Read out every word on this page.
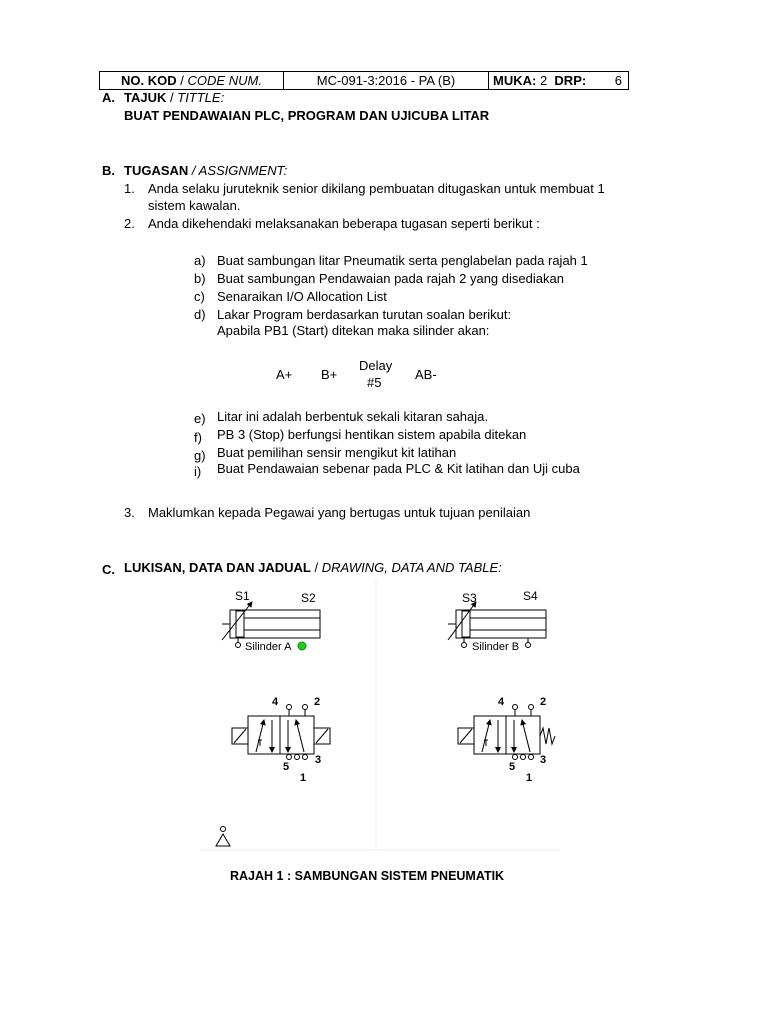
NO. KOD / CODE NUM.	MC-091-3:2016 - PA (B)	MUKA: 2 DRP: 6
A. TAJUK / TITTLE:
BUAT PENDAWAIAN PLC, PROGRAM DAN UJICUBA LITAR
B. TUGASAN / ASSIGNMENT:
1. Anda selaku juruteknik senior dikilang pembuatan ditugaskan untuk membuat 1
sistem kawalan.
2. Anda dikehendaki melaksanakan beberapa tugasan seperti berikut :
a) Buat sambungan litar Pneumatik serta penglabelan pada rajah 1
b) Buat sambungan Pendawaian pada rajah 2 yang disediakan
c) Senaraikan I/O Allocation List
d) Lakar Program berdasarkan turutan soalan berikut:
Apabila PB1 (Start) ditekan maka silinder akan:
A+ B+
Delay
#5
AB-
e) Litar ini adalah berbentuk sekali kitaran sahaja.
f) PB 3 (Stop) berfungsi hentikan sistem apabila ditekan
g) Buat pemilihan sensir mengikut kit latihan
i) Buat Pendawaian sebenar pada PLC & Kit latihan dan Uji cuba
3. Maklumkan kepada Pegawai yang bertugas untuk tujuan penilaian
C. LUKISAN, DATA DAN JADUAL / DRAWING, DATA AND TABLE:
S1	S2
Silinder A
S3	S4
Silinder B
4	2
5
3
1
4	2
5
3
1
RAJAH 1 : SAMBUNGAN SISTEM PNEUMATIK
